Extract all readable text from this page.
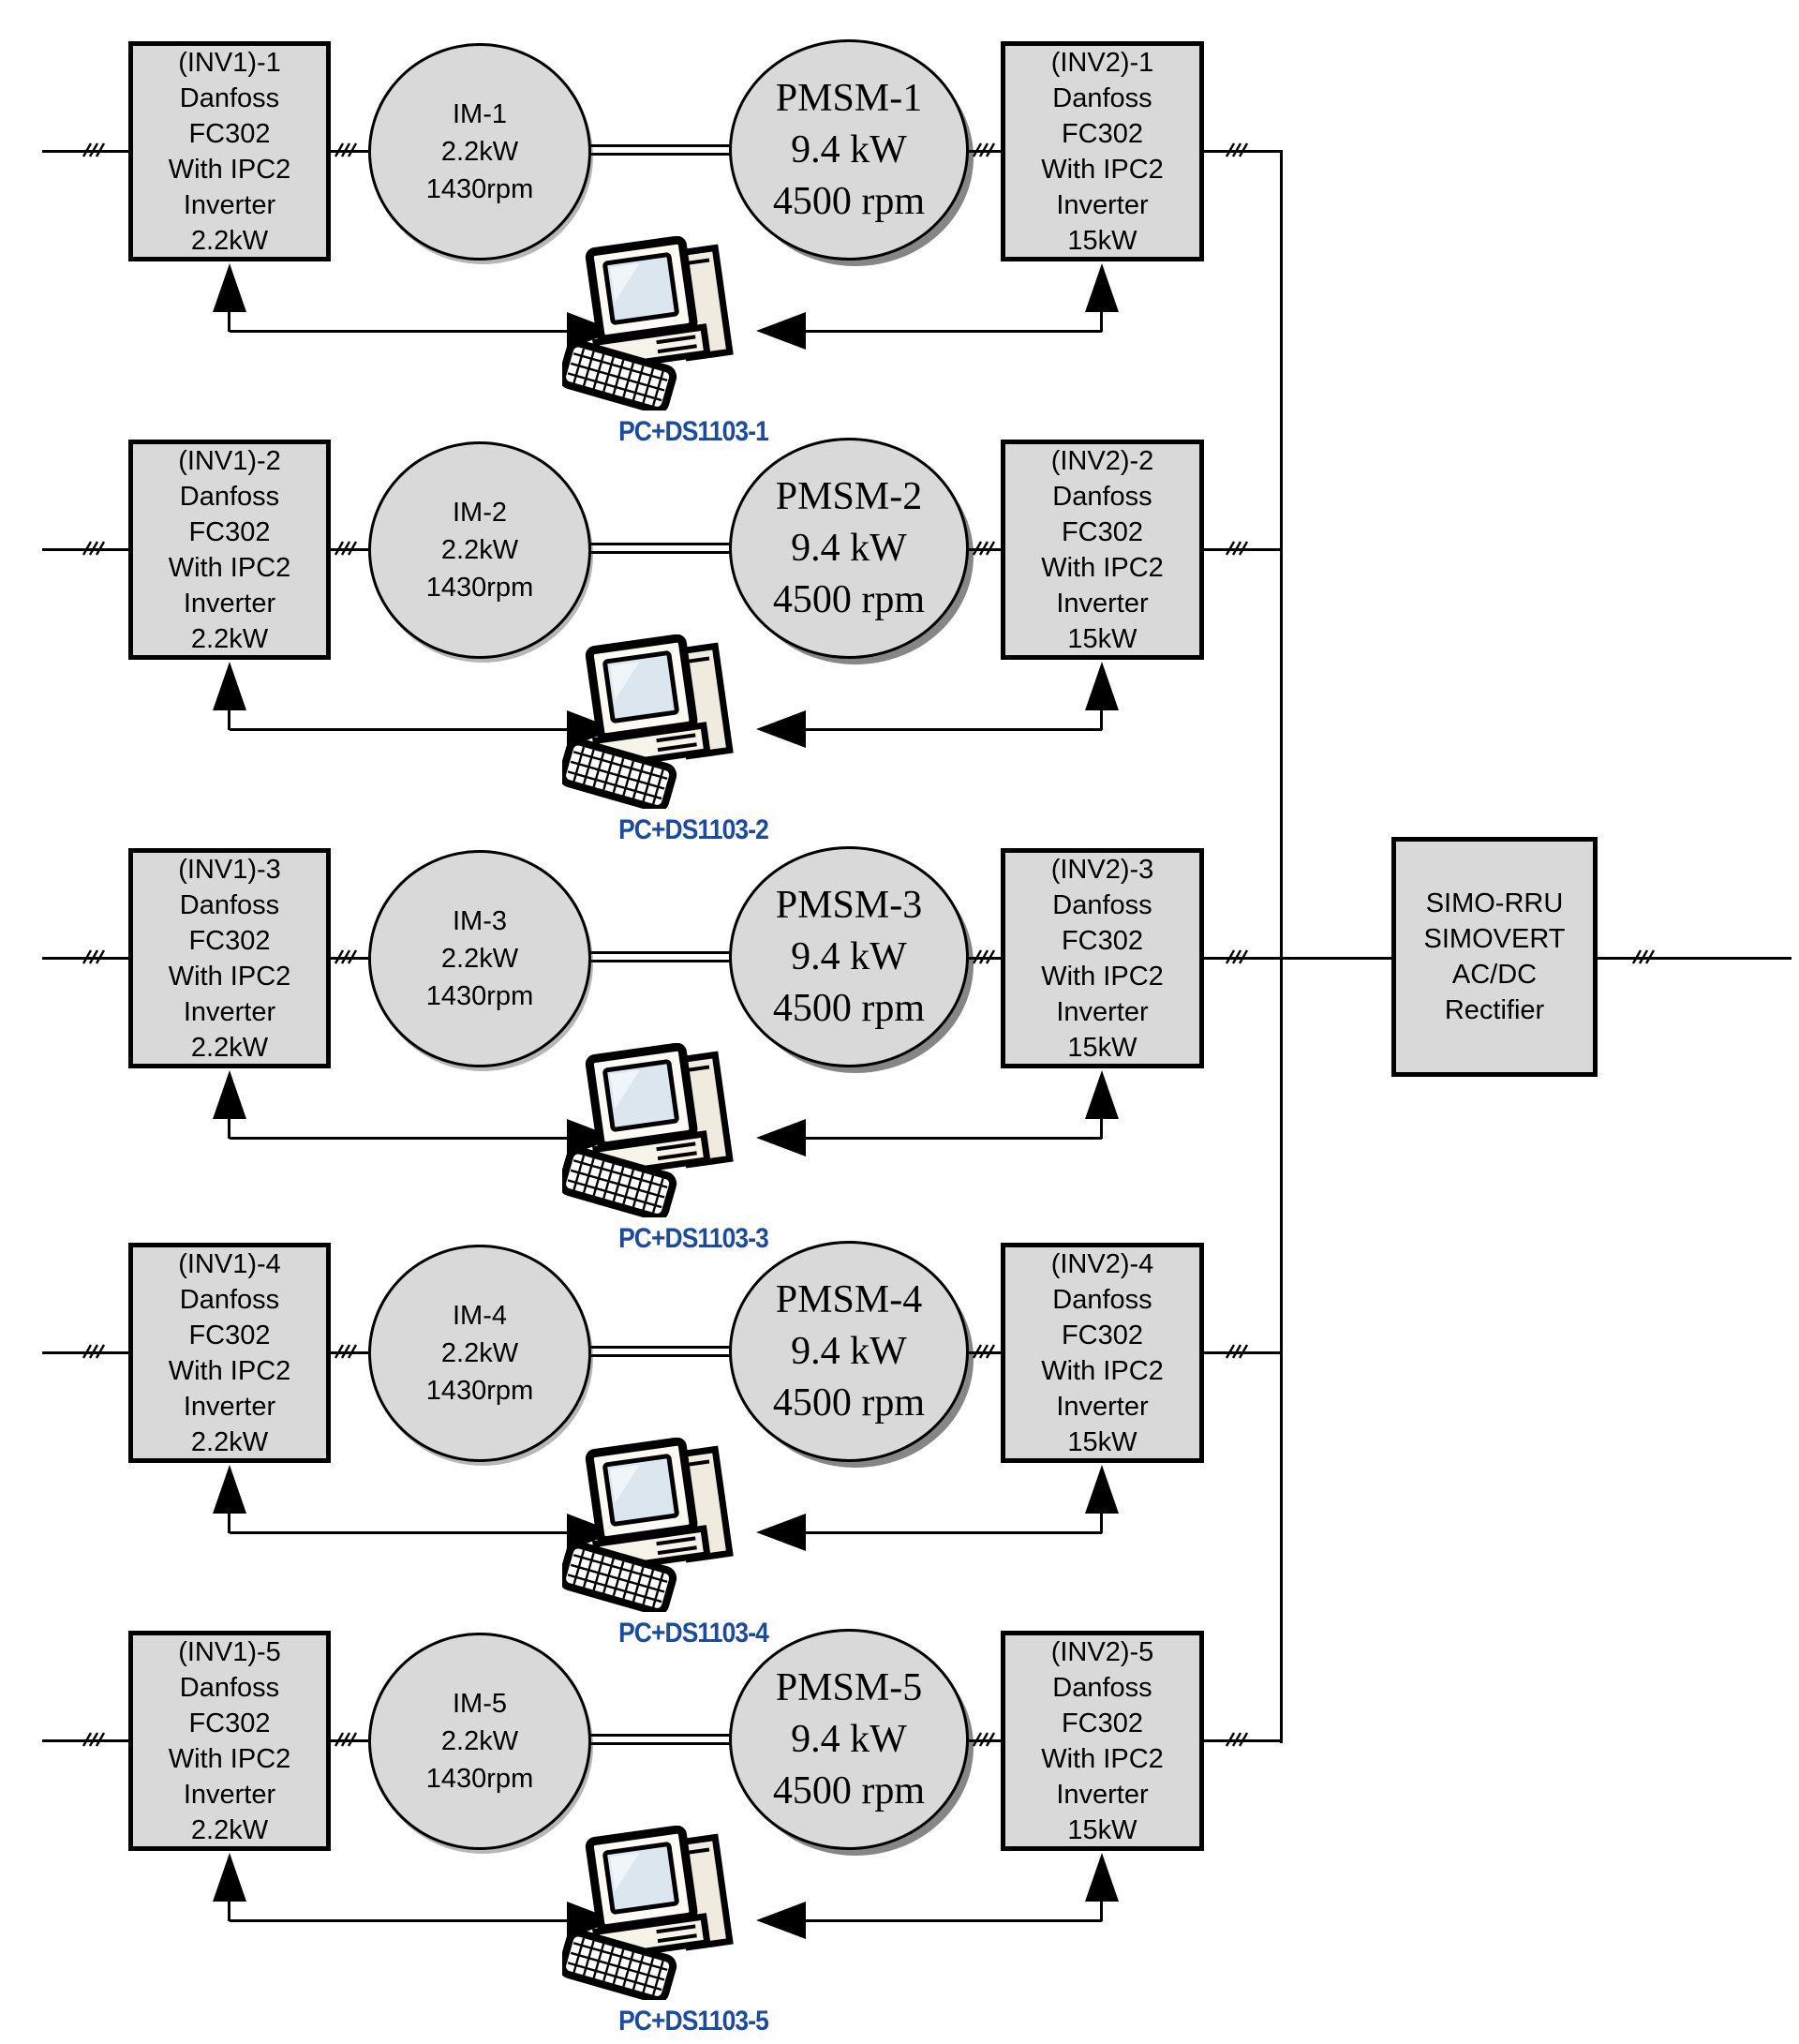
SIMO-RRU
SIMOVERT
AC/DC
Rectifier
(INV1)-1
Danfoss
FC302
With IPC2
Inverter
2.2kW
IM-1
2.2kW
1430rpm
PMSM-1
9.4 kW
4500 rpm
(INV2)-1
Danfoss
FC302
With IPC2
Inverter
15kW
PC+DS1103-1
(INV1)-2
Danfoss
FC302
With IPC2
Inverter
2.2kW
IM-2
2.2kW
1430rpm
PMSM-2
9.4 kW
4500 rpm
(INV2)-2
Danfoss
FC302
With IPC2
Inverter
15kW
PC+DS1103-2
(INV1)-3
Danfoss
FC302
With IPC2
Inverter
2.2kW
IM-3
2.2kW
1430rpm
PMSM-3
9.4 kW
4500 rpm
(INV2)-3
Danfoss
FC302
With IPC2
Inverter
15kW
PC+DS1103-3
(INV1)-4
Danfoss
FC302
With IPC2
Inverter
2.2kW
IM-4
2.2kW
1430rpm
PMSM-4
9.4 kW
4500 rpm
(INV2)-4
Danfoss
FC302
With IPC2
Inverter
15kW
PC+DS1103-4
(INV1)-5
Danfoss
FC302
With IPC2
Inverter
2.2kW
IM-5
2.2kW
1430rpm
PMSM-5
9.4 kW
4500 rpm
(INV2)-5
Danfoss
FC302
With IPC2
Inverter
15kW
PC+DS1103-5
